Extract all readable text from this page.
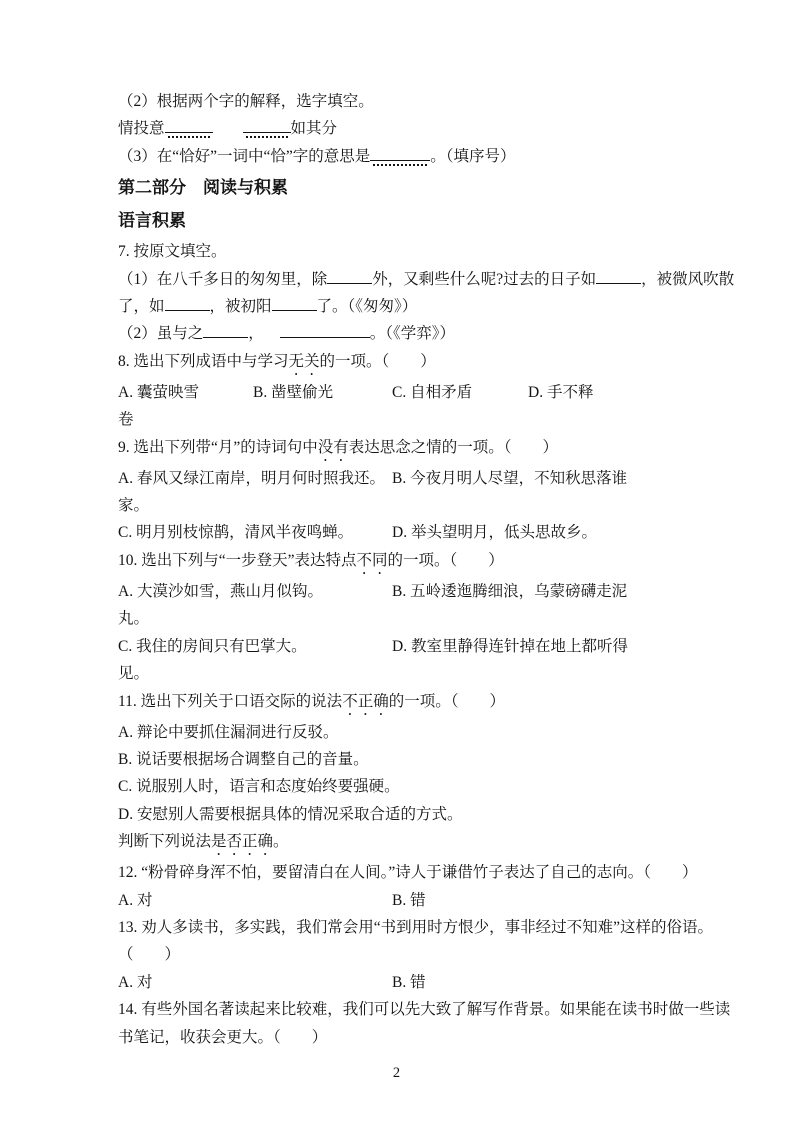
（2）根据两个字的解释，选字填空。

情投意	如其分

（3）在“恰好”一词中“恰”字的意思是	。（填序号）

第二部分　阅读与积累
语言积累

7. 按原文填空。

（1）在八千多日的匆匆里，除	外，又剩些什么呢?过去的日子如	，被微风吹散

了，如	，被初阳	了。（《匆匆》）

（2）虽与之	，	。（《学弈》）

8. 选出下列成语中与学习无关的一项。（　　）

A. 囊萤映雪	B. 凿壁偷光	C. 自相矛盾	D. 手不释

卷

9. 选出下列带“月”的诗词句中没有表达思念之情的一项。（　　）

A. 春风又绿江南岸，明月何时照我还。 B. 今夜月明人尽望，不知秋思落谁

家。

C. 明月别枝惊鹊，清风半夜鸣蝉。	D. 举头望明月，低头思故乡。

10. 选出下列与“一步登天”表达特点不同的一项。（　　）

A. 大漠沙如雪，燕山月似钩。	B. 五岭逶迤腾细浪，乌蒙磅礴走泥

丸。

C. 我住的房间只有巴掌大。	D. 教室里静得连针掉在地上都听得

见。

11. 选出下列关于口语交际的说法不正确的一项。（　　）

A. 辩论中要抓住漏洞进行反驳。

B. 说话要根据场合调整自己的音量。

C. 说服别人时，语言和态度始终要强硬。

D. 安慰别人需要根据具体的情况采取合适的方式。

判断下列说法是否正确。

12. “粉骨碎身浑不怕，要留清白在人间。”诗人于谦借竹子表达了自己的志向。（　　）

A. 对	B. 错

13. 劝人多读书，多实践，我们常会用“书到用时方恨少，事非经过不知难”这样的俗语。

（　　）

A. 对	B. 错

14. 有些外国名著读起来比较难，我们可以先大致了解写作背景。如果能在读书时做一些读

书笔记，收获会更大。（　　）

2
